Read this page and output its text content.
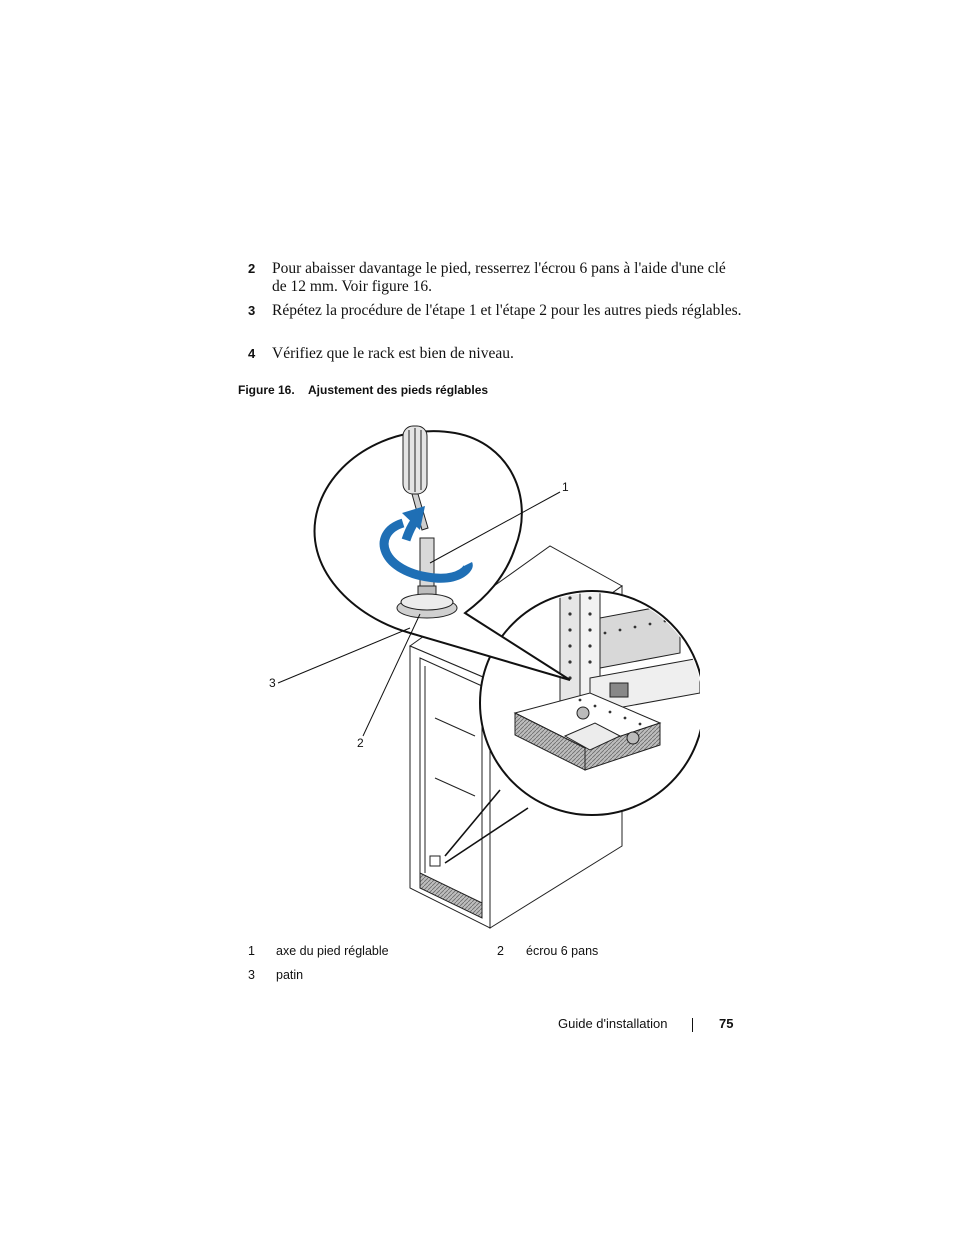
2 Pour abaisser davantage le pied, resserrez l'écrou 6 pans à l'aide d'une clé de 12 mm. Voir figure 16.
3 Répétez la procédure de l'étape 1 et l'étape 2 pour les autres pieds réglables.
4 Vérifiez que le rack est bien de niveau.
Figure 16. Ajustement des pieds réglables
1
2
3
1 axe du pied réglable	2 écrou 6 pans
3 patin
Guide d'installation	75
